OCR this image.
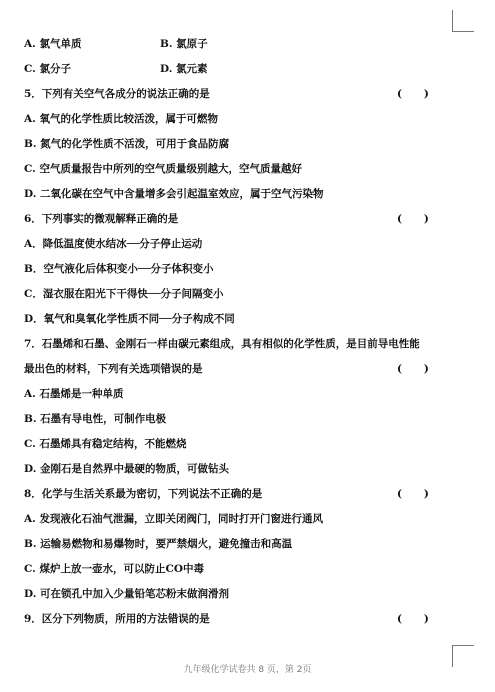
A. 氯气单质	B. 氯原子
C. 氯分子	D. 氯元素
5．下列有关空气各成分的说法正确的是	(      )
A. 氧气的化学性质比较活泼，属于可燃物
B. 氮气的化学性质不活泼，可用于食品防腐
C. 空气质量报告中所列的空气质量级别越大，空气质量越好
D. 二氧化碳在空气中含量增多会引起温室效应，属于空气污染物
6．下列事实的微观解释正确的是	(      )
A．降低温度使水结冰──分子停止运动
B．空气液化后体积变小──分子体积变小
C．湿衣服在阳光下干得快──分子间隔变小
D．氧气和臭氧化学性质不同──分子构成不同
7．石墨烯和石墨、金刚石一样由碳元素组成，具有相似的化学性质，是目前导电性能
最出色的材料，下列有关选项错误的是	(      )
A. 石墨烯是一种单质
B. 石墨有导电性，可制作电极
C. 石墨烯具有稳定结构，不能燃烧
D. 金刚石是自然界中最硬的物质，可做钻头
8．化学与生活关系最为密切，下列说法不正确的是	(      )
A. 发现液化石油气泄漏，立即关闭阀门，同时打开门窗进行通风
B. 运输易燃物和易爆物时，要严禁烟火，避免撞击和高温
C. 煤炉上放一壶水，可以防止CO中毒
D. 可在锁孔中加入少量铅笔芯粉末做润滑剂
9．区分下列物质，所用的方法错误的是	(      )
九年级化学试卷共 8 页，第 2页
